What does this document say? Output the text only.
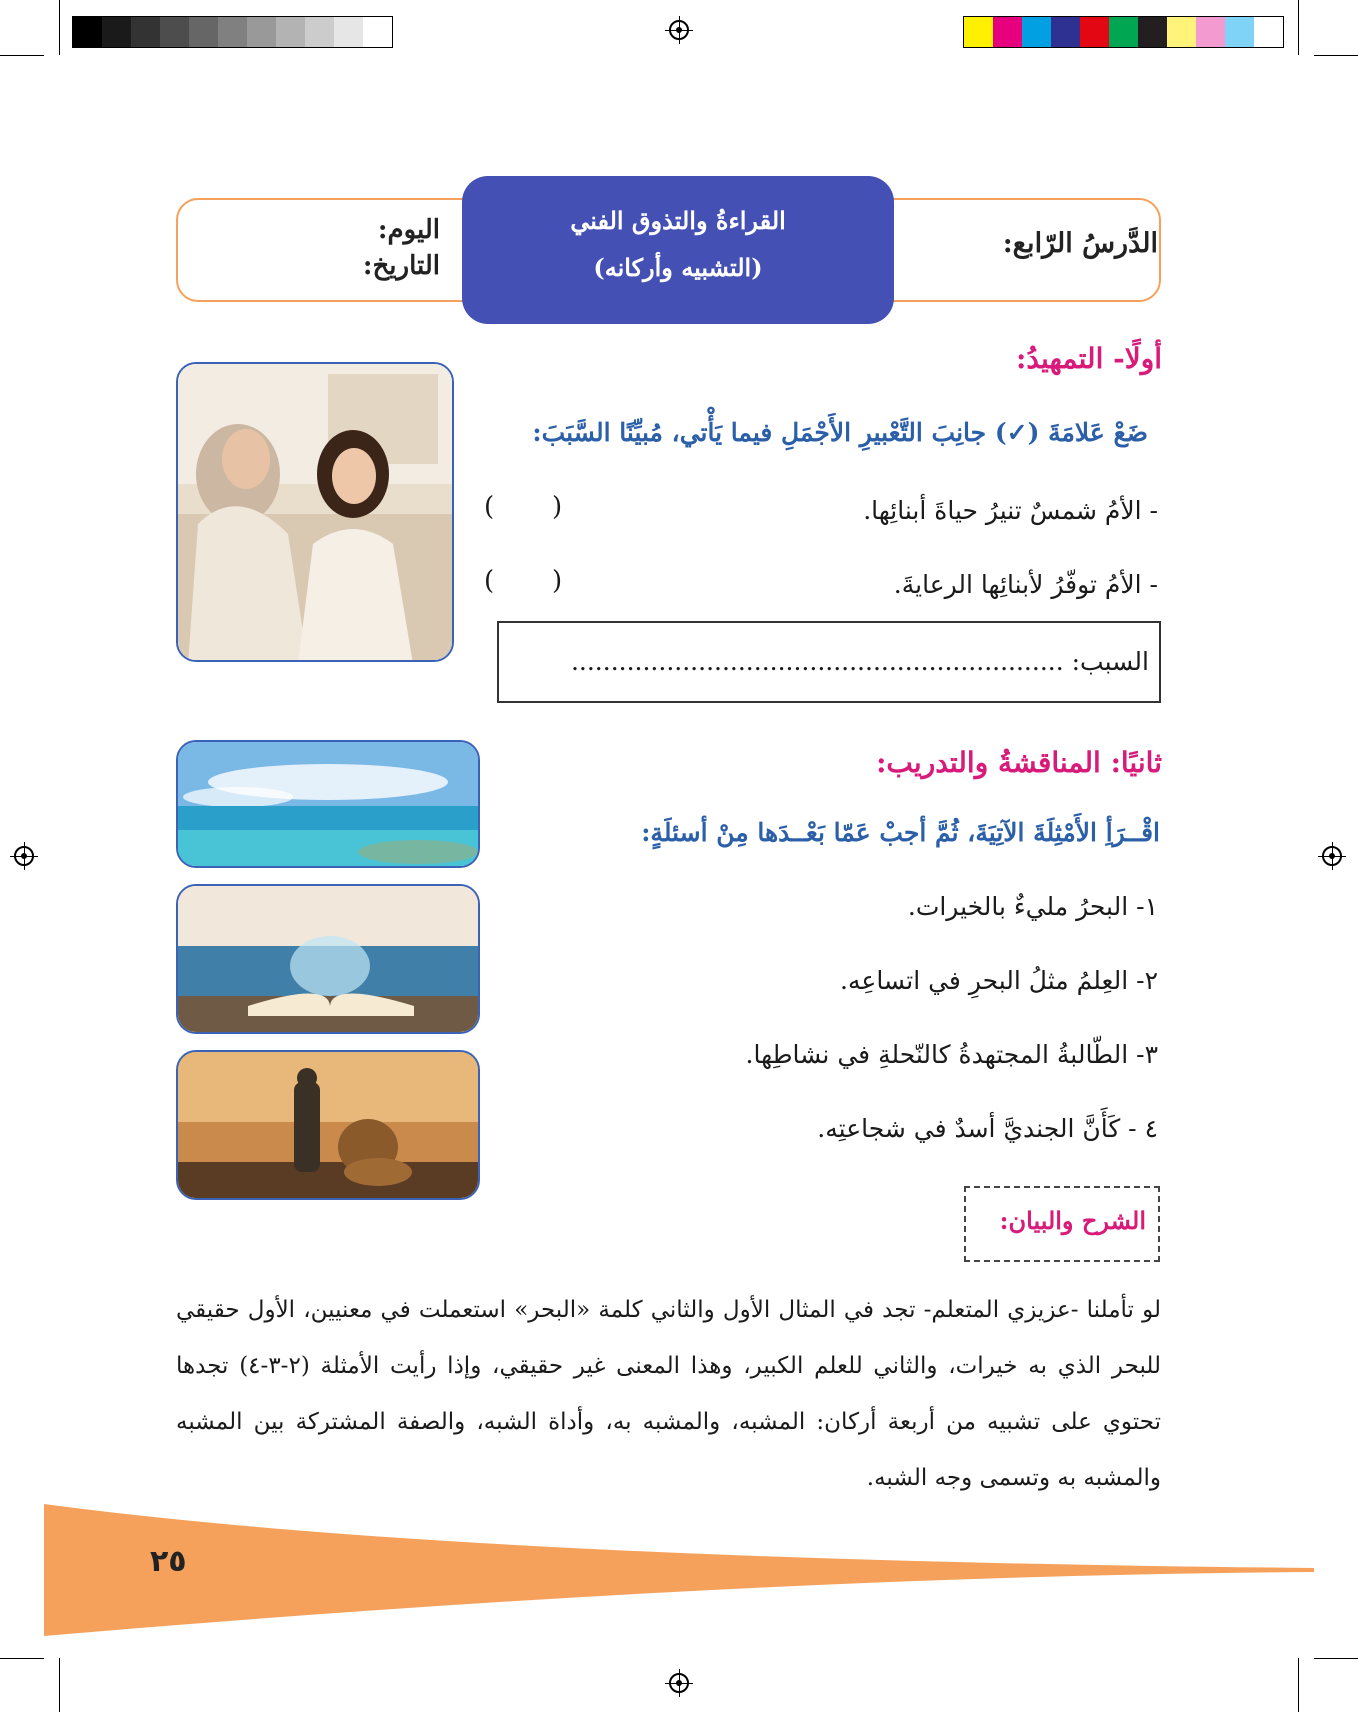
القراءةُ والتذوق الفني
(التشبيه وأركانه)
الدَّرسُ الرّابع:
اليوم:
التاريخ:
أولًا- التمهيدُ:
ضَعْ عَلامَةَ (✓) جانِبَ التَّعْبيرِ الأَجْمَلِ فيما يَأْتي، مُبيِّنًا السَّبَبَ:
- الأمُ شمسٌ تنيرُ حياةَ أبنائِها.
)
(
- الأمُ توفّرُ لأبنائِها الرعايةَ.
)
(
السبب: ..............................................................
ثانيًا: المناقشةُ والتدريب:
اقْــرَأِ الأَمْثِلَةَ الآتِيَةَ، ثُمَّ أجبْ عَمّا بَعْــدَها مِنْ أسئلَةٍ:
١- البحرُ مليءٌ بالخيرات.
٢- العِلمُ مثلُ البحرِ في اتساعِه.
٣- الطّالبةُ المجتهدةُ كالنّحلةِ في نشاطِها.
٤ - كَأَنَّ الجنديَّ أسدٌ في شجاعتِه.
الشرح والبيان:
لو تأملنا -عزيزي المتعلم- تجد في المثال الأول والثاني كلمة «البحر» استعملت في معنيين، الأول حقيقي للبحر الذي به خيرات، والثاني للعلم الكبير، وهذا المعنى غير حقيقي، وإذا رأيت الأمثلة (٢-٣-٤) تجدها تحتوي على تشبيه من أربعة أركان: المشبه، والمشبه به، وأداة الشبه، والصفة المشتركة بين المشبه والمشبه به وتسمى وجه الشبه.
٢٥
